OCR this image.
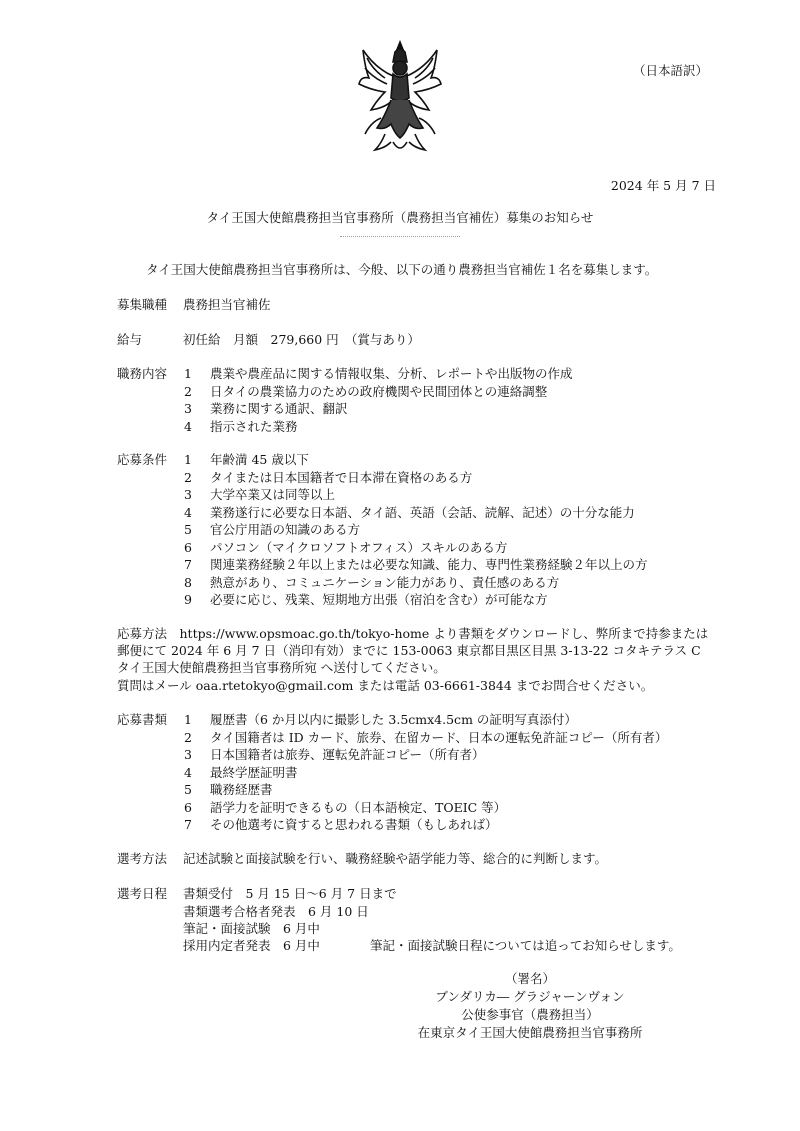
（日本語訳）
2024 年 5 月 7 日
タイ王国大使館農務担当官事務所（農務担当官補佐）募集のお知らせ
タイ王国大使館農務担当官事務所は、今般、以下の通り農務担当官補佐１名を募集します。
募集職種 農務担当官補佐
給与	初任給　月額　279,660 円　（賞与あり）
職務内容 1 農業や農産品に関する情報収集、分析、レポートや出版物の作成
2 日タイの農業協力のための政府機関や民間団体との連絡調整
3 業務に関する通訳、翻訳
4 指示された業務
応募条件 1 年齢満 45 歳以下
2 タイまたは日本国籍者で日本滞在資格のある方
3 大学卒業又は同等以上
4 業務遂行に必要な日本語、タイ語、英語（会話、読解、記述）の十分な能力
5 官公庁用語の知識のある方
6 パソコン（マイクロソフトオフィス）スキルのある方
7 関連業務経験２年以上または必要な知識、能力、専門性業務経験２年以上の方
8 熱意があり、コミュニケーション能力があり、責任感のある方
9 必要に応じ、残業、短期地方出張（宿泊を含む）が可能な方
応募方法　https://www.opsmoac.go.th/tokyo-home より書類をダウンロードし、弊所まで持参または
郵便にて 2024 年 6 月 7 日（消印有効）までに 153-0063 東京都目黒区目黒 3-13-22 コタキテラス C
タイ王国大使館農務担当官事務所宛 へ送付してください。
質問はメール oaa.rtetokyo@gmail.com または電話 03-6661-3844 までお問合せください。
応募書類 1 履歴書（6 か月以内に撮影した 3.5cmx4.5cm の証明写真添付）
2 タイ国籍者は ID カード、旅券、在留カード、日本の運転免許証コピー（所有者）
3 日本国籍者は旅券、運転免許証コピー（所有者）
4 最終学歴証明書
5 職務経歴書
6 語学力を証明できるもの（日本語検定、TOEIC 等）
7 その他選考に資すると思われる書類（もしあれば）
選考方法 記述試験と面接試験を行い、職務経験や語学能力等、総合的に判断します。
選考日程 書類受付　5 月 15 日～6 月 7 日まで
書類選考合格者発表　6 月 10 日
筆記・面接試験　6 月中
採用内定者発表　6 月中	筆記・面接試験日程については追ってお知らせします。
（署名）
ブンダリカ― グラジャーンヴォン
公使参事官（農務担当）
在東京タイ王国大使館農務担当官事務所
